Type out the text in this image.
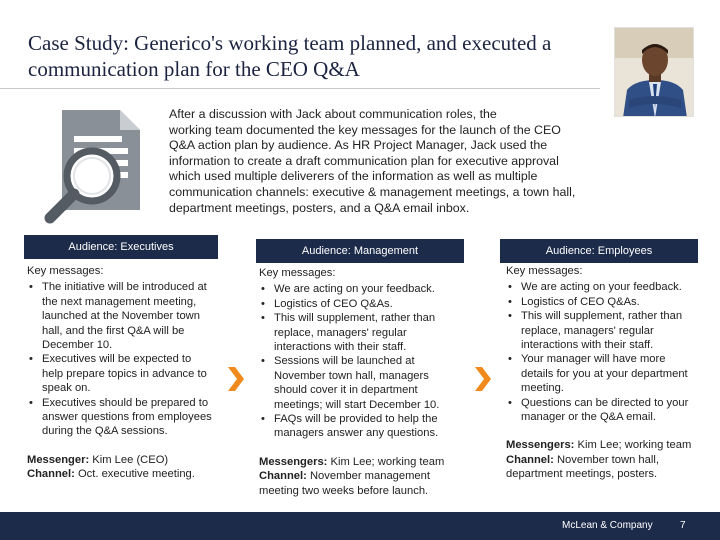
Case Study: Generico's working team planned, and executed a communication plan for the CEO Q&A
After a discussion with Jack about communication roles, the
working team documented the key messages for the launch of the CEO
Q&A action plan by audience. As HR Project Manager, Jack used the
information to create a draft communication plan for executive approval
which used multiple deliverers of the information as well as multiple
communication channels: executive & management meetings, a town hall,
department meetings, posters, and a Q&A email inbox.
Audience: Executives
Key messages:
• The initiative will be introduced at the next management meeting, launched at the November town hall, and the first Q&A will be December 10.
• Executives will be expected to help prepare topics in advance to speak on.
• Executives should be prepared to answer questions from employees during the Q&A sessions.
Messenger: Kim Lee (CEO)
Channel: Oct. executive meeting.
Audience: Management
Key messages:
• We are acting on your feedback.
• Logistics of CEO Q&As.
• This will supplement, rather than replace, managers' regular interactions with their staff.
• Sessions will be launched at November town hall, managers should cover it in department meetings; will start December 10.
• FAQs will be provided to help the managers answer any questions.
Messengers: Kim Lee; working team
Channel: November management meeting two weeks before launch.
Audience: Employees
Key messages:
• We are acting on your feedback.
• Logistics of CEO Q&As.
• This will supplement, rather than replace, managers' regular interactions with their staff.
• Your manager will have more details for you at your department meeting.
• Questions can be directed to your manager or the Q&A email.
Messengers: Kim Lee; working team
Channel: November town hall, department meetings, posters.
McLean & Company	7
